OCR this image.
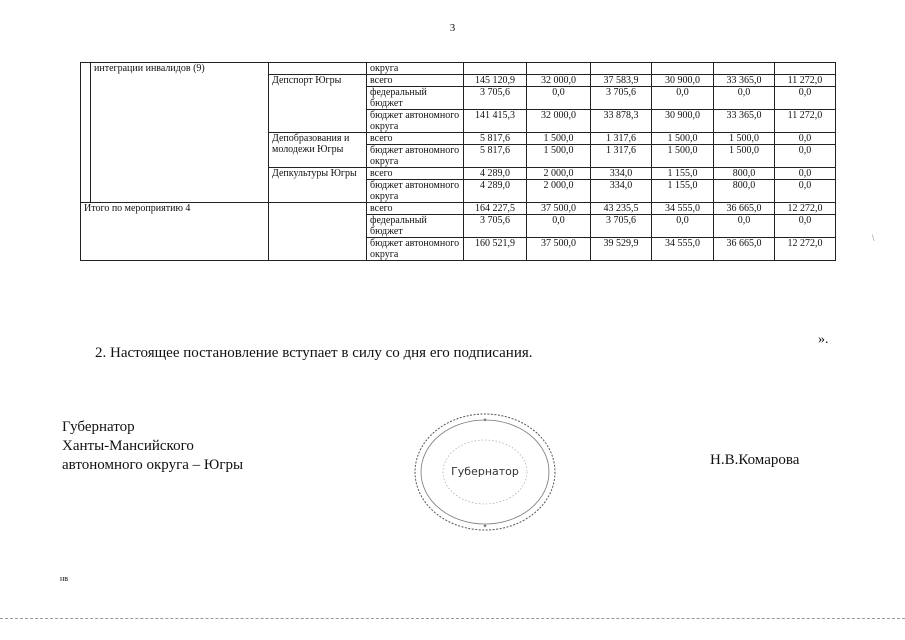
3
	интеграции инвалидов (9)		округа						
		Депспорт Югры	всего	145 120,9	32 000,0	37 583,9	30 900,0	33 365,0	11 272,0
			федеральный бюджет	3 705,6	0,0	3 705,6	0,0	0,0	0,0
			бюджет автономного округа	141 415,3	32 000,0	33 878,3	30 900,0	33 365,0	11 272,0
		Депобразования и молодежи Югры	всего	5 817,6	1 500,0	1 317,6	1 500,0	1 500,0	0,0
			бюджет автономного округа	5 817,6	1 500,0	1 317,6	1 500,0	1 500,0	0,0
		Депкультуры Югры	всего	4 289,0	2 000,0	334,0	1 155,0	800,0	0,0
			бюджет автономного округа	4 289,0	2 000,0	334,0	1 155,0	800,0	0,0
Итого по мероприятию 4			всего	164 227,5	37 500,0	43 235,5	34 555,0	36 665,0	12 272,0
			федеральный бюджет	3 705,6	0,0	3 705,6	0,0	0,0	0,0
			бюджет автономного округа	160 521,9	37 500,0	39 529,9	34 555,0	36 665,0	12 272,0
».
2. Настоящее постановление вступает в силу со дня его подписания.
Губернатор
Ханты-Мансийского
автономного округа – Югры
✦
✦
Губернатор
Н.В.Комарова
нв
\
